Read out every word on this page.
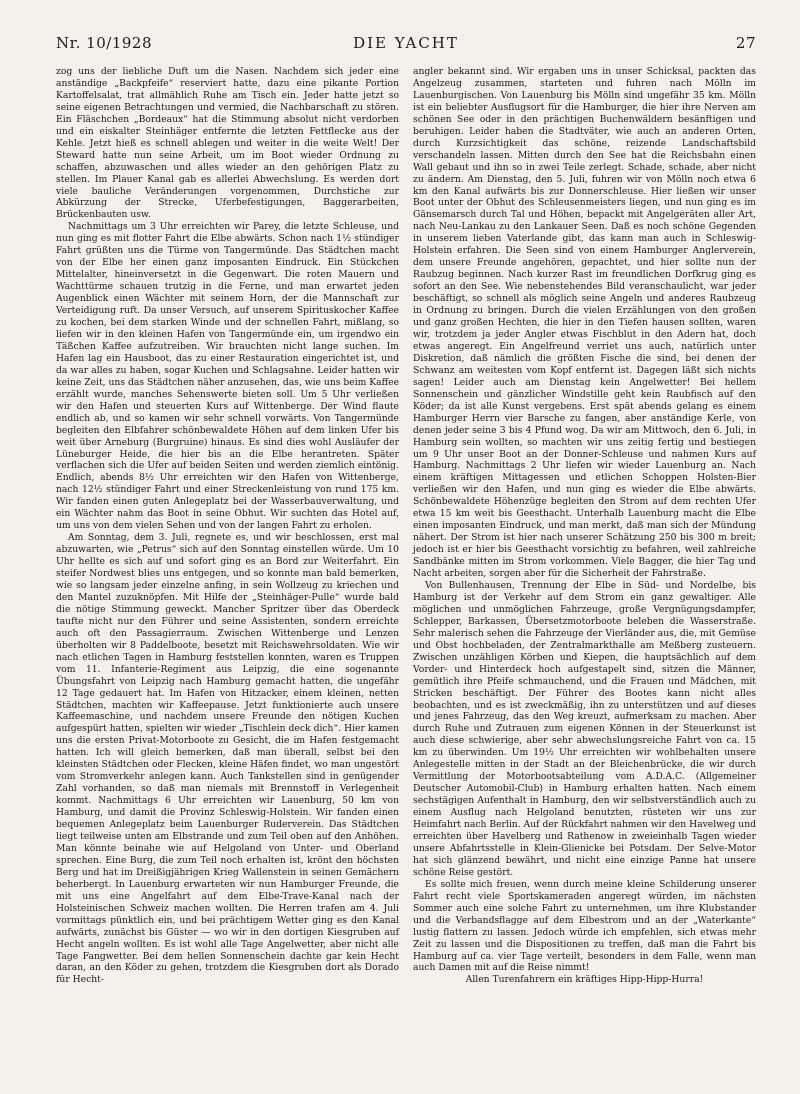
Nr. 10/1928	DIE YACHT	27

zog uns der liebliche Duft um die Nasen. Nachdem sich jeder eine anständige „Backpfeife“ reserviert hatte, dazu eine pikante Portion Kartoffelsalat, trat allmählich Ruhe am Tisch ein. Jeder hatte jetzt so seine eigenen Betrachtungen und vermied, die Nachbarschaft zu stören. Ein Fläschchen „Bordeaux“ hat die Stimmung absolut nicht verdorben und ein eiskalter Steinhäger entfernte die letzten Fettflecke aus der Kehle. Jetzt hieß es schnell ablegen und weiter in die weite Welt! Der Steward hatte nun seine Arbeit, um im Boot wieder Ordnung zu schaffen, abzuwaschen und alles wieder an den gehörigen Platz zu stellen. Im Plauer Kanal gab es allerlei Abwechslung. Es werden dort viele bauliche Veränderungen vorgenommen, Durchstiche zur Abkürzung der Strecke, Uferbefestigungen, Baggerarbeiten, Brückenbauten usw.

Nachmittags um 3 Uhr erreichten wir Parey, die letzte Schleuse, und nun ging es mit flotter Fahrt die Elbe abwärts. Schon nach 1½ stündiger Fahrt grüßten uns die Türme von Tangermünde. Das Städtchen macht von der Elbe her einen ganz imposanten Eindruck. Ein Stückchen Mittelalter, hineinversetzt in die Gegenwart. Die roten Mauern und Wachttürme schauen trutzig in die Ferne, und man erwartet jeden Augenblick einen Wächter mit seinem Horn, der die Mannschaft zur Verteidigung ruft. Da unser Versuch, auf unserem Spirituskocher Kaffee zu kochen, bei dem starken Winde und der schnellen Fahrt, mißlang, so liefen wir in den kleinen Hafen von Tangermünde ein, um irgendwo ein Täßchen Kaffee aufzutreiben. Wir brauchten nicht lange suchen. Im Hafen lag ein Hausboot, das zu einer Restauration eingerichtet ist, und da war alles zu haben, sogar Kuchen und Schlagsahne. Leider hatten wir keine Zeit, uns das Städtchen näher anzusehen, das, wie uns beim Kaffee erzählt wurde, manches Sehenswerte bieten soll. Um 5 Uhr verließen wir den Hafen und steuerten Kurs auf Wittenberge. Der Wind flaute endlich ab, und so kamen wir sehr schnell vorwärts. Von Tangermünde begleiten den Elbfahrer schönbewaldete Höhen auf dem linken Ufer bis weit über Arneburg (Burgruine) hinaus. Es sind dies wohl Ausläufer der Lüneburger Heide, die hier bis an die Elbe herantreten. Später verflachen sich die Ufer auf beiden Seiten und werden ziemlich eintönig. Endlich, abends 8½ Uhr erreichten wir den Hafen von Wittenberge, nach 12½ stündiger Fahrt und einer Streckenleistung von rund 175 km. Wir fanden einen guten Anlegeplatz bei der Wasserbauverwaltung, und ein Wächter nahm das Boot in seine Obhut. Wir suchten das Hotel auf, um uns von dem vielen Sehen und von der langen Fahrt zu erholen.

Am Sonntag, dem 3. Juli, regnete es, und wir beschlossen, erst mal abzuwarten, wie „Petrus“ sich auf den Sonntag einstellen würde. Um 10 Uhr hellte es sich auf und sofort ging es an Bord zur Weiterfahrt. Ein steifer Nordwest blies uns entgegen, und so konnte man bald bemerken, wie so langsam jeder einzelne anfing, in sein Wollzeug zu kriechen und den Mantel zuzuknöpfen. Mit Hilfe der „Steinhäger-Pulle“ wurde bald die nötige Stimmung geweckt. Mancher Spritzer über das Oberdeck taufte nicht nur den Führer und seine Assistenten, sondern erreichte auch oft den Passagierraum. Zwischen Wittenberge und Lenzen überholten wir 8 Paddelboote, besetzt mit Reichswehrsoldaten. Wie wir nach etlichen Tagen in Hamburg feststellen konnten, waren es Truppen vom 11. Infanterie-Regiment aus Leipzig, die eine sogenannte Übungsfahrt von Leipzig nach Hamburg gemacht hatten, die ungefähr 12 Tage gedauert hat. Im Hafen von Hitzacker, einem kleinen, netten Städtchen, machten wir Kaffeepause. Jetzt funktionierte auch unsere Kaffeemaschine, und nachdem unsere Freunde den nötigen Kuchen aufgespürt hatten, spielten wir wieder „Tischlein deck dich“. Hier kamen uns die ersten Privat-Motorboote zu Gesicht, die im Hafen festgemacht hatten. Ich will gleich bemerken, daß man überall, selbst bei den kleinsten Städtchen oder Flecken, kleine Häfen findet, wo man ungestört vom Stromverkehr anlegen kann. Auch Tankstellen sind in genügender Zahl vorhanden, so daß man niemals mit Brennstoff in Verlegenheit kommt. Nachmittags 6 Uhr erreichten wir Lauenburg, 50 km von Hamburg, und damit die Provinz Schleswig-Holstein. Wir fanden einen bequemen Anlegeplatz beim Lauenburger Ruderverein. Das Städtchen liegt teilweise unten am Elbstrande und zum Teil oben auf den Anhöhen. Man könnte beinahe wie auf Helgoland von Unter- und Oberland sprechen. Eine Burg, die zum Teil noch erhalten ist, krönt den höchsten Berg und hat im Dreißigjährigen Krieg Wallenstein in seinen Gemächern beherbergt. In Lauenburg erwarteten wir nun Hamburger Freunde, die mit uns eine Angelfahrt auf dem Elbe-Trave-Kanal nach der Holsteinischen Schweiz machen wollten. Die Herren trafen am 4. Juli vormittags pünktlich ein, und bei prächtigem Wetter ging es den Kanal aufwärts, zunächst bis Güster — wo wir in den dortigen Kiesgruben auf Hecht angeln wollten. Es ist wohl alle Tage Angelwetter, aber nicht alle Tage Fangwetter. Bei dem hellen Sonnenschein dachte gar kein Hecht daran, an den Köder zu gehen, trotzdem die Kiesgruben dort als Dorado für Hecht-

angler bekannt sind. Wir ergaben uns in unser Schicksal, packten das Angelzeug zusammen, starteten und fuhren nach Mölln im Lauenburgischen. Von Lauenburg bis Mölln sind ungefähr 35 km. Mölln ist ein beliebter Ausflugsort für die Hamburger, die hier ihre Nerven am schönen See oder in den prächtigen Buchenwäldern besänftigen und beruhigen. Leider haben die Stadtväter, wie auch an anderen Orten, durch Kurzsichtigkeit das schöne, reizende Landschaftsbild verschandeln lassen. Mitten durch den See hat die Reichsbahn einen Wall gebaut und ihn so in zwei Teile zerlegt. Schade, schade, aber nicht zu ändern. Am Dienstag, den 5. Juli, fuhren wir von Mölln noch etwa 6 km den Kanal aufwärts bis zur Donnerschleuse. Hier ließen wir unser Boot unter der Obhut des Schleusenmeisters liegen, und nun ging es im Gänsemarsch durch Tal und Höhen, bepackt mit Angelgeräten aller Art, nach Neu-Lankau zu den Lankauer Seen. Daß es noch schöne Gegenden in unserem lieben Vaterlande gibt, das kann man auch in Schleswig-Holstein erfahren. Die Seen sind von einem Hamburger Anglerverein, dem unsere Freunde angehören, gepachtet, und hier sollte nun der Raubzug beginnen. Nach kurzer Rast im freundlichen Dorfkrug ging es sofort an den See. Wie nebenstehendes Bild veranschaulicht, war jeder beschäftigt, so schnell als möglich seine Angeln und anderes Raubzeug in Ordnung zu bringen. Durch die vielen Erzählungen von den großen und ganz großen Hechten, die hier in den Tiefen hausen sollten, waren wir, trotzdem ja jeder Angler etwas Fischblut in den Adern hat, doch etwas angeregt. Ein Angelfreund verriet uns auch, natürlich unter Diskretion, daß nämlich die größten Fische die sind, bei denen der Schwanz am weitesten vom Kopf entfernt ist. Dagegen läßt sich nichts sagen! Leider auch am Dienstag kein Angelwetter! Bei hellem Sonnenschein und gänzlicher Windstille geht kein Raubfisch auf den Köder; da ist alle Kunst vergebens. Erst spät abends gelang es einem Hamburger Herrn vier Barsche zu fangen, aber anständige Kerle, von denen jeder seine 3 bis 4 Pfund wog. Da wir am Mittwoch, den 6. Juli, in Hamburg sein wollten, so machten wir uns zeitig fertig und bestiegen um 9 Uhr unser Boot an der Donner-Schleuse und nahmen Kurs auf Hamburg. Nachmittags 2 Uhr liefen wir wieder Lauenburg an. Nach einem kräftigen Mittagessen und etlichen Schoppen Holsten-Bier verließen wir den Hafen, und nun ging es wieder die Elbe abwärts. Schönbewaldete Höhenzüge begleiten den Strom auf dem rechten Ufer etwa 15 km weit bis Geesthacht. Unterhalb Lauenburg macht die Elbe einen imposanten Eindruck, und man merkt, daß man sich der Mündung nähert. Der Strom ist hier nach unserer Schätzung 250 bis 300 m breit; jedoch ist er hier bis Geesthacht vorsichtig zu befahren, weil zahlreiche Sandbänke mitten im Strom vorkommen. Viele Bagger, die hier Tag und Nacht arbeiten, sorgen aber für die Sicherheit der Fahrstraße.

Von Bullenhausen, Trennung der Elbe in Süd- und Nordelbe, bis Hamburg ist der Verkehr auf dem Strom ein ganz gewaltiger. Alle möglichen und unmöglichen Fahrzeuge, große Vergnügungsdampfer, Schlepper, Barkassen, Übersetzmotorboote beleben die Wasserstraße. Sehr malerisch sehen die Fahrzeuge der Vierländer aus, die, mit Gemüse und Obst hochbeladen, der Zentralmarkthalle am Meßberg zusteuern. Zwischen unzähligen Körben und Kiepen, die hauptsächlich auf dem Vorder- und Hinterdeck hoch aufgestapelt sind, sitzen die Männer, gemütlich ihre Pfeife schmauchend, und die Frauen und Mädchen, mit Stricken beschäftigt. Der Führer des Bootes kann nicht alles beobachten, und es ist zweckmäßig, ihn zu unterstützen und auf dieses und jenes Fahrzeug, das den Weg kreuzt, aufmerksam zu machen. Aber durch Ruhe und Zutrauen zum eigenen Können in der Steuerkunst ist auch diese schwierige, aber sehr abwechslungsreiche Fahrt von ca. 15 km zu überwinden. Um 19½ Uhr erreichten wir wohlbehalten unsere Anlegestelle mitten in der Stadt an der Bleichenbrücke, die wir durch Vermittlung der Motorbootsabteilung vom A.D.A.C. (Allgemeiner Deutscher Automobil-Club) in Hamburg erhalten hatten. Nach einem sechstägigen Aufenthalt in Hamburg, den wir selbstverständlich auch zu einem Ausflug nach Helgoland benutzten, rüsteten wir uns zur Heimfahrt nach Berlin. Auf der Rückfahrt nahmen wir den Havelweg und erreichten über Havelberg und Rathenow in zweieinhalb Tagen wieder unsere Abfahrtsstelle in Klein-Glienicke bei Potsdam. Der Selve-Motor hat sich glänzend bewährt, und nicht eine einzige Panne hat unsere schöne Reise gestört.

Es sollte mich freuen, wenn durch meine kleine Schilderung unserer Fahrt recht viele Sportskameraden angeregt würden, im nächsten Sommer auch eine solche Fahrt zu unternehmen, um ihre Klubstander und die Verbandsflagge auf dem Elbestrom und an der „Waterkante“ lustig flattern zu lassen. Jedoch würde ich empfehlen, sich etwas mehr Zeit zu lassen und die Dispositionen zu treffen, daß man die Fahrt bis Hamburg auf ca. vier Tage verteilt, besonders in dem Falle, wenn man auch Damen mit auf die Reise nimmt!

Allen Turenfahrern ein kräftiges Hipp-Hipp-Hurra!
